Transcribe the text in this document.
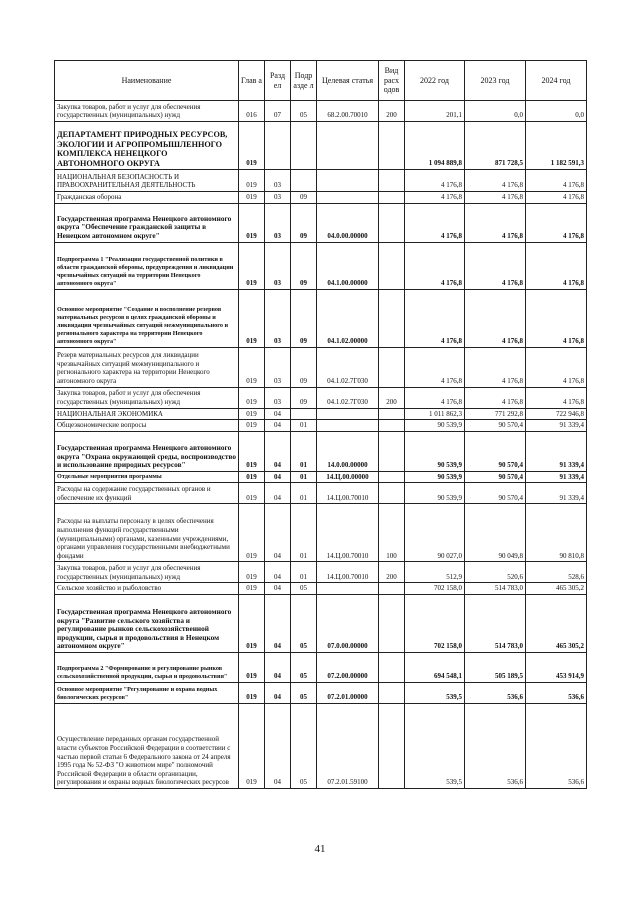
Наименование	Глав а	Разд ел	Подр азде л	Целевая статья	Вид расх одов	2022 год	2023 год	2024 год
Закупка товаров, работ и услуг для обеспечения государственных (муниципальных) нужд	016	07	05	68.2.00.70010	200	201,1	0,0	0,0
ДЕПАРТАМЕНТ ПРИРОДНЫХ РЕСУРСОВ, ЭКОЛОГИИ И АГРОПРОМЫШЛЕННОГО КОМПЛЕКСА НЕНЕЦКОГО АВТОНОМНОГО ОКРУГА	019					1 094 889,8	871 728,5	1 182 591,3
НАЦИОНАЛЬНАЯ БЕЗОПАСНОСТЬ И ПРАВООХРАНИТЕЛЬНАЯ ДЕЯТЕЛЬНОСТЬ	019	03				4 176,8	4 176,8	4 176,8
Гражданская оборона	019	03	09			4 176,8	4 176,8	4 176,8
Государственная программа Ненецкого автономного округа "Обеспечение гражданской защиты в Ненецком автономном округе"	019	03	09	04.0.00.00000		4 176,8	4 176,8	4 176,8
Подпрограмма 1 "Реализация государственной политики в области гражданской обороны, предупреждения и ликвидации чрезвычайных ситуаций на территории Ненецкого автономного округа"	019	03	09	04.1.00.00000		4 176,8	4 176,8	4 176,8
Основное мероприятие "Создание и восполнение резервов материальных ресурсов в целях гражданской обороны и ликвидации чрезвычайных ситуаций межмуниципального и регионального характера на территории Ненецкого автономного округа"	019	03	09	04.1.02.00000		4 176,8	4 176,8	4 176,8
Резерв материальных ресурсов для ликвидации чрезвычайных ситуаций межмуниципального и регионального характера на территории Ненецкого автономного округа	019	03	09	04.1.02.7Г030		4 176,8	4 176,8	4 176,8
Закупка товаров, работ и услуг для обеспечения государственных (муниципальных) нужд	019	03	09	04.1.02.7Г030	200	4 176,8	4 176,8	4 176,8
НАЦИОНАЛЬНАЯ ЭКОНОМИКА	019	04				1 011 862,3	771 292,8	722 946,8
Общеэкономические вопросы	019	04	01			90 539,9	90 570,4	91 339,4
Государственная программа Ненецкого автономного округа "Охрана окружающей среды, воспроизводство и использование природных ресурсов"	019	04	01	14.0.00.00000		90 539,9	90 570,4	91 339,4
Отдельные мероприятия программы	019	04	01	14.Ц.00.00000		90 539,9	90 570,4	91 339,4
Расходы на содержание государственных органов и обеспечение их функций	019	04	01	14.Ц.00.70010		90 539,9	90 570,4	91 339,4
Расходы на выплаты персоналу в целях обеспечения выполнения функций государственными (муниципальными) органами, казенными учреждениями, органами управления государственными внебюджетными фондами	019	04	01	14.Ц.00.70010	100	90 027,0	90 049,8	90 810,8
Закупка товаров, работ и услуг для обеспечения государственных (муниципальных) нужд	019	04	01	14.Ц.00.70010	200	512,9	520,6	528,6
Сельское хозяйство и рыболовство	019	04	05			702 158,0	514 783,0	465 305,2
Государственная программа Ненецкого автономного округа "Развитие сельского хозяйства и регулирование рынков сельскохозяйственной продукции, сырья и продовольствия в Ненецком автономном округе"	019	04	05	07.0.00.00000		702 158,0	514 783,0	465 305,2
Подпрограмма 2 "Формирование и регулирование рынков сельскохозяйственной продукции, сырья и продовольствия"	019	04	05	07.2.00.00000		694 548,1	505 189,5	453 914,9
Основное мероприятие "Регулирование и охрана водных биологических ресурсов"	019	04	05	07.2.01.00000		539,5	536,6	536,6
Осуществление переданных органам государственной власти субъектов Российской Федерации в соответствии с частью первой статьи 6 Федерального закона от 24 апреля 1995 года № 52-ФЗ "О животном мире" полномочий Российской Федерации в области организации, регулирования и охраны водных биологических ресурсов	019	04	05	07.2.01.59100		539,5	536,6	536,6
41
